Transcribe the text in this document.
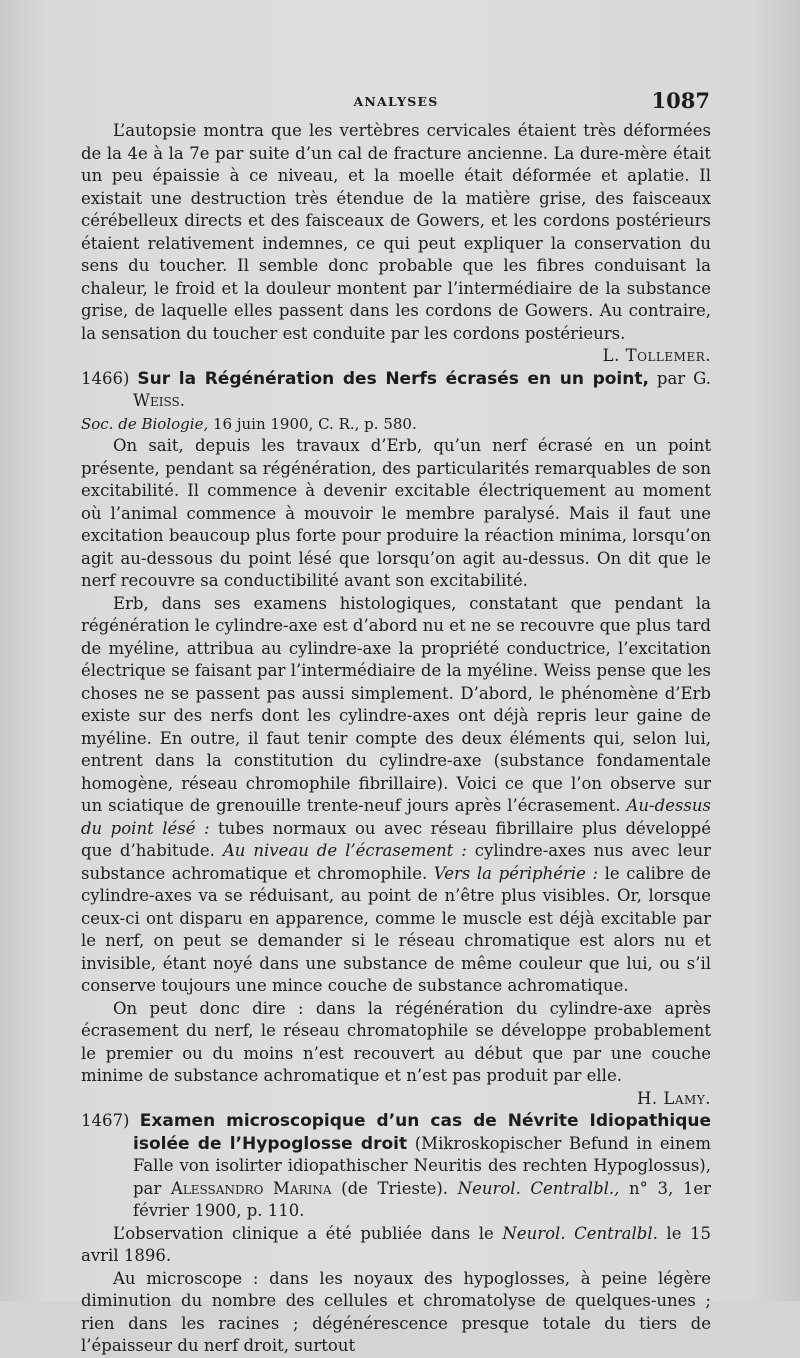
ANALYSES	1087

L’autopsie montra que les vertèbres cervicales étaient très déformées de la 4e à la 7e par suite d’un cal de fracture ancienne. La dure-mère était un peu épaissie à ce niveau, et la moelle était déformée et aplatie. Il existait une destruction très étendue de la matière grise, des faisceaux cérébelleux directs et des faisceaux de Gowers, et les cordons postérieurs étaient relativement indemnes, ce qui peut expliquer la conservation du sens du toucher. Il semble donc probable que les fibres conduisant la chaleur, le froid et la douleur montent par l’intermédiaire de la substance grise, de laquelle elles passent dans les cordons de Gowers. Au contraire, la sensation du toucher est conduite par les cordons postérieurs.
L. Tollemer.

1466) Sur la Régénération des Nerfs écrasés en un point, par G. Weiss.

Soc. de Biologie, 16 juin 1900, C. R., p. 580.

On sait, depuis les travaux d’Erb, qu’un nerf écrasé en un point présente, pendant sa régénération, des particularités remarquables de son excitabilité. Il commence à devenir excitable électriquement au moment où l’animal commence à mouvoir le membre paralysé. Mais il faut une excitation beaucoup plus forte pour produire la réaction minima, lorsqu’on agit au-dessous du point lésé que lorsqu’on agit au-dessus. On dit que le nerf recouvre sa conductibilité avant son excitabilité.

Erb, dans ses examens histologiques, constatant que pendant la régénération le cylindre-axe est d’abord nu et ne se recouvre que plus tard de myéline, attribua au cylindre-axe la propriété conductrice, l’excitation électrique se faisant par l’intermédiaire de la myéline. Weiss pense que les choses ne se passent pas aussi simplement. D’abord, le phénomène d’Erb existe sur des nerfs dont les cylindre-axes ont déjà repris leur gaine de myéline. En outre, il faut tenir compte des deux éléments qui, selon lui, entrent dans la constitution du cylindre-axe (substance fondamentale homogène, réseau chromophile fibrillaire). Voici ce que l’on observe sur un sciatique de grenouille trente-neuf jours après l’écrasement. Au-dessus du point lésé : tubes normaux ou avec réseau fibrillaire plus développé que d’habitude. Au niveau de l’écrasement : cylindre-axes nus avec leur substance achromatique et chromophile. Vers la périphérie : le calibre de cylindre-axes va se réduisant, au point de n’être plus visibles. Or, lorsque ceux-ci ont disparu en apparence, comme le muscle est déjà excitable par le nerf, on peut se demander si le réseau chromatique est alors nu et invisible, étant noyé dans une substance de même couleur que lui, ou s’il conserve toujours une mince couche de substance achromatique.

On peut donc dire : dans la régénération du cylindre-axe après écrasement du nerf, le réseau chromatophile se développe probablement le premier ou du moins n’est recouvert au début que par une couche minime de substance achromatique et n’est pas produit par elle.
H. Lamy.

1467) Examen microscopique d’un cas de Névrite Idiopathique isolée de l’Hypoglosse droit (Mikroskopischer Befund in einem Falle von isolirter idiopathischer Neuritis des rechten Hypoglossus), par Alessandro Marina (de Trieste). Neurol. Centralbl., n° 3, 1er février 1900, p. 110.

L’observation clinique a été publiée dans le Neurol. Centralbl. le 15 avril 1896.

Au microscope : dans les noyaux des hypoglosses, à peine légère diminution du nombre des cellules et chromatolyse de quelques-unes ; rien dans les racines ; dégénérescence presque totale du tiers de l’épaisseur du nerf droit, surtout
